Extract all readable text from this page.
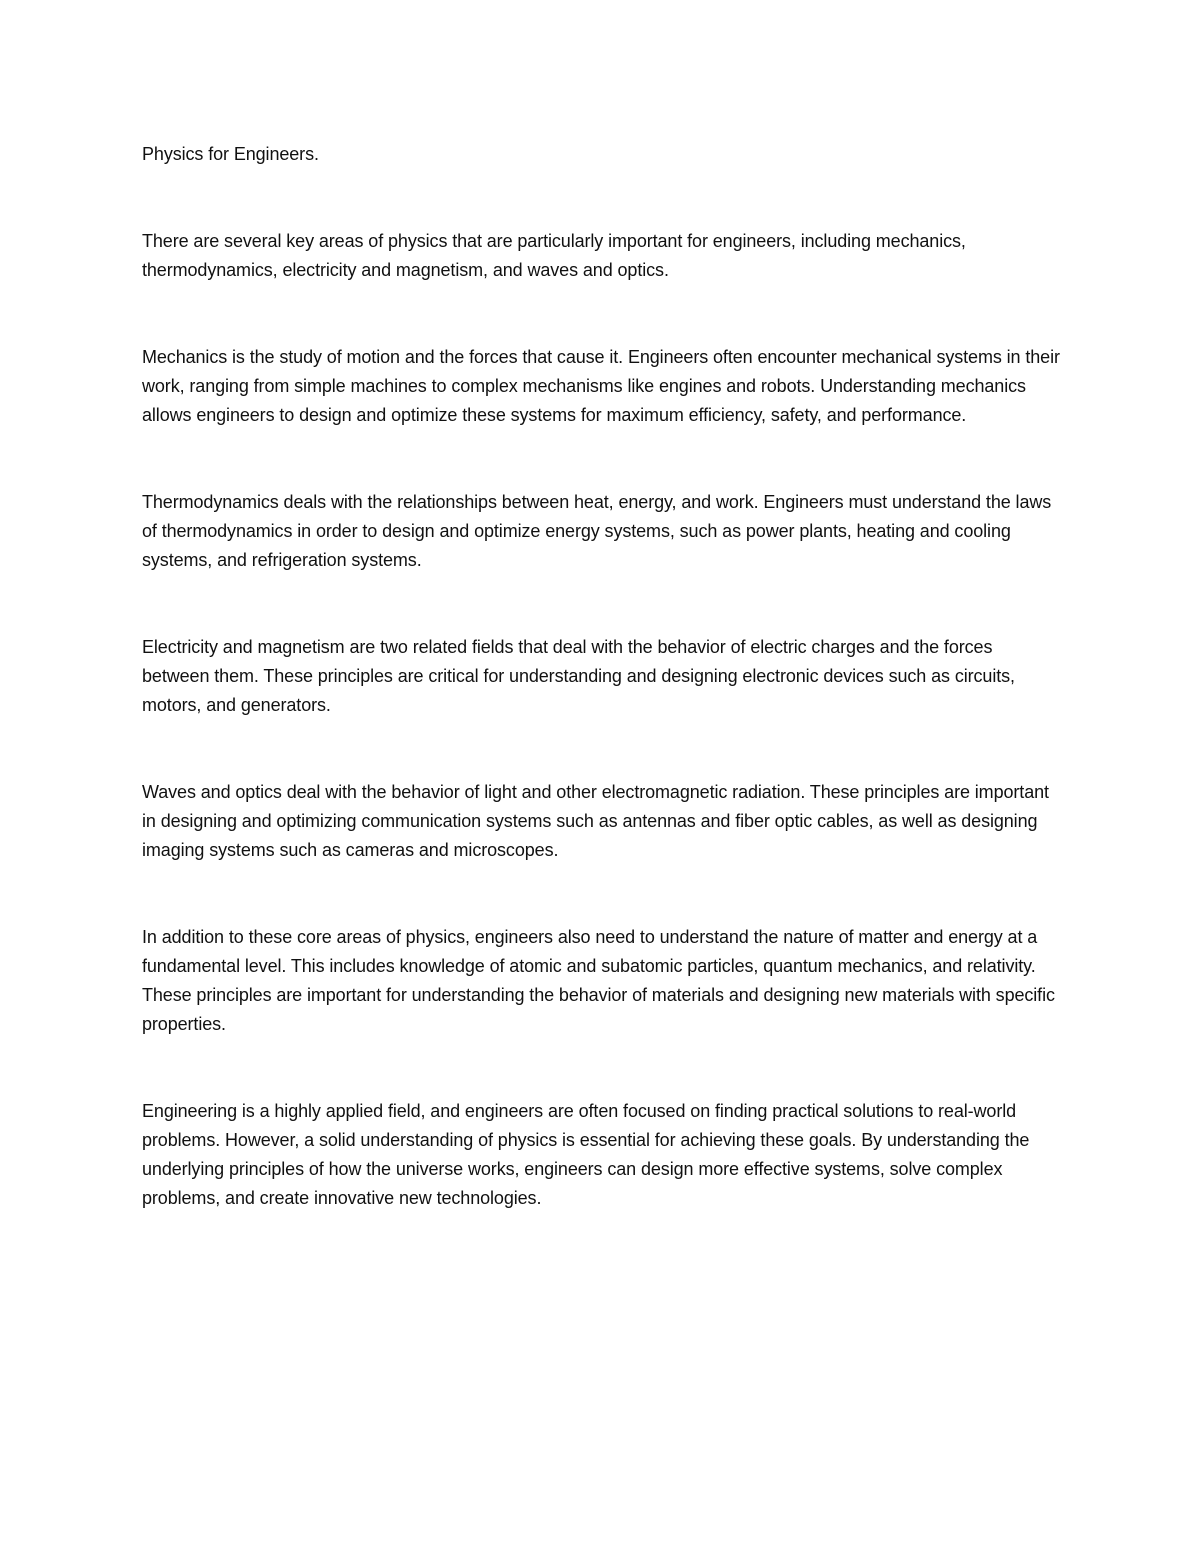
Physics for Engineers.

There are several key areas of physics that are particularly important for engineers, including mechanics, thermodynamics, electricity and magnetism, and waves and optics.

Mechanics is the study of motion and the forces that cause it. Engineers often encounter mechanical systems in their work, ranging from simple machines to complex mechanisms like engines and robots. Understanding mechanics allows engineers to design and optimize these systems for maximum efficiency, safety, and performance.

Thermodynamics deals with the relationships between heat, energy, and work. Engineers must understand the laws of thermodynamics in order to design and optimize energy systems, such as power plants, heating and cooling systems, and refrigeration systems.

Electricity and magnetism are two related fields that deal with the behavior of electric charges and the forces between them. These principles are critical for understanding and designing electronic devices such as circuits, motors, and generators.

Waves and optics deal with the behavior of light and other electromagnetic radiation. These principles are important in designing and optimizing communication systems such as antennas and fiber optic cables, as well as designing imaging systems such as cameras and microscopes.

In addition to these core areas of physics, engineers also need to understand the nature of matter and energy at a fundamental level. This includes knowledge of atomic and subatomic particles, quantum mechanics, and relativity. These principles are important for understanding the behavior of materials and designing new materials with specific properties.

Engineering is a highly applied field, and engineers are often focused on finding practical solutions to real-world problems. However, a solid understanding of physics is essential for achieving these goals. By understanding the underlying principles of how the universe works, engineers can design more effective systems, solve complex problems, and create innovative new technologies.
